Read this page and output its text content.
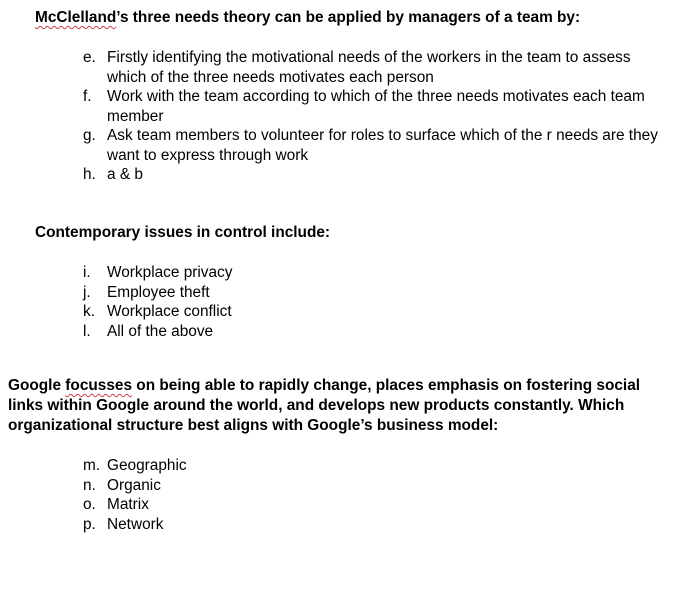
McClelland’s three needs theory can be applied by managers of a team by:

e. Firstly identifying the motivational needs of the workers in the team to assess which of the three needs motivates each person
f. Work with the team according to which of the three needs motivates each team member
g. Ask team members to volunteer for roles to surface which of the r needs are they want to express through work
h. a & b

Contemporary issues in control include:

i. Workplace privacy
j. Employee theft
k. Workplace conflict
l. All of the above

Google focusses on being able to rapidly change, places emphasis on fostering social links within Google around the world, and develops new products constantly. Which organizational structure best aligns with Google’s business model:

m. Geographic
n. Organic
o. Matrix
p. Network
